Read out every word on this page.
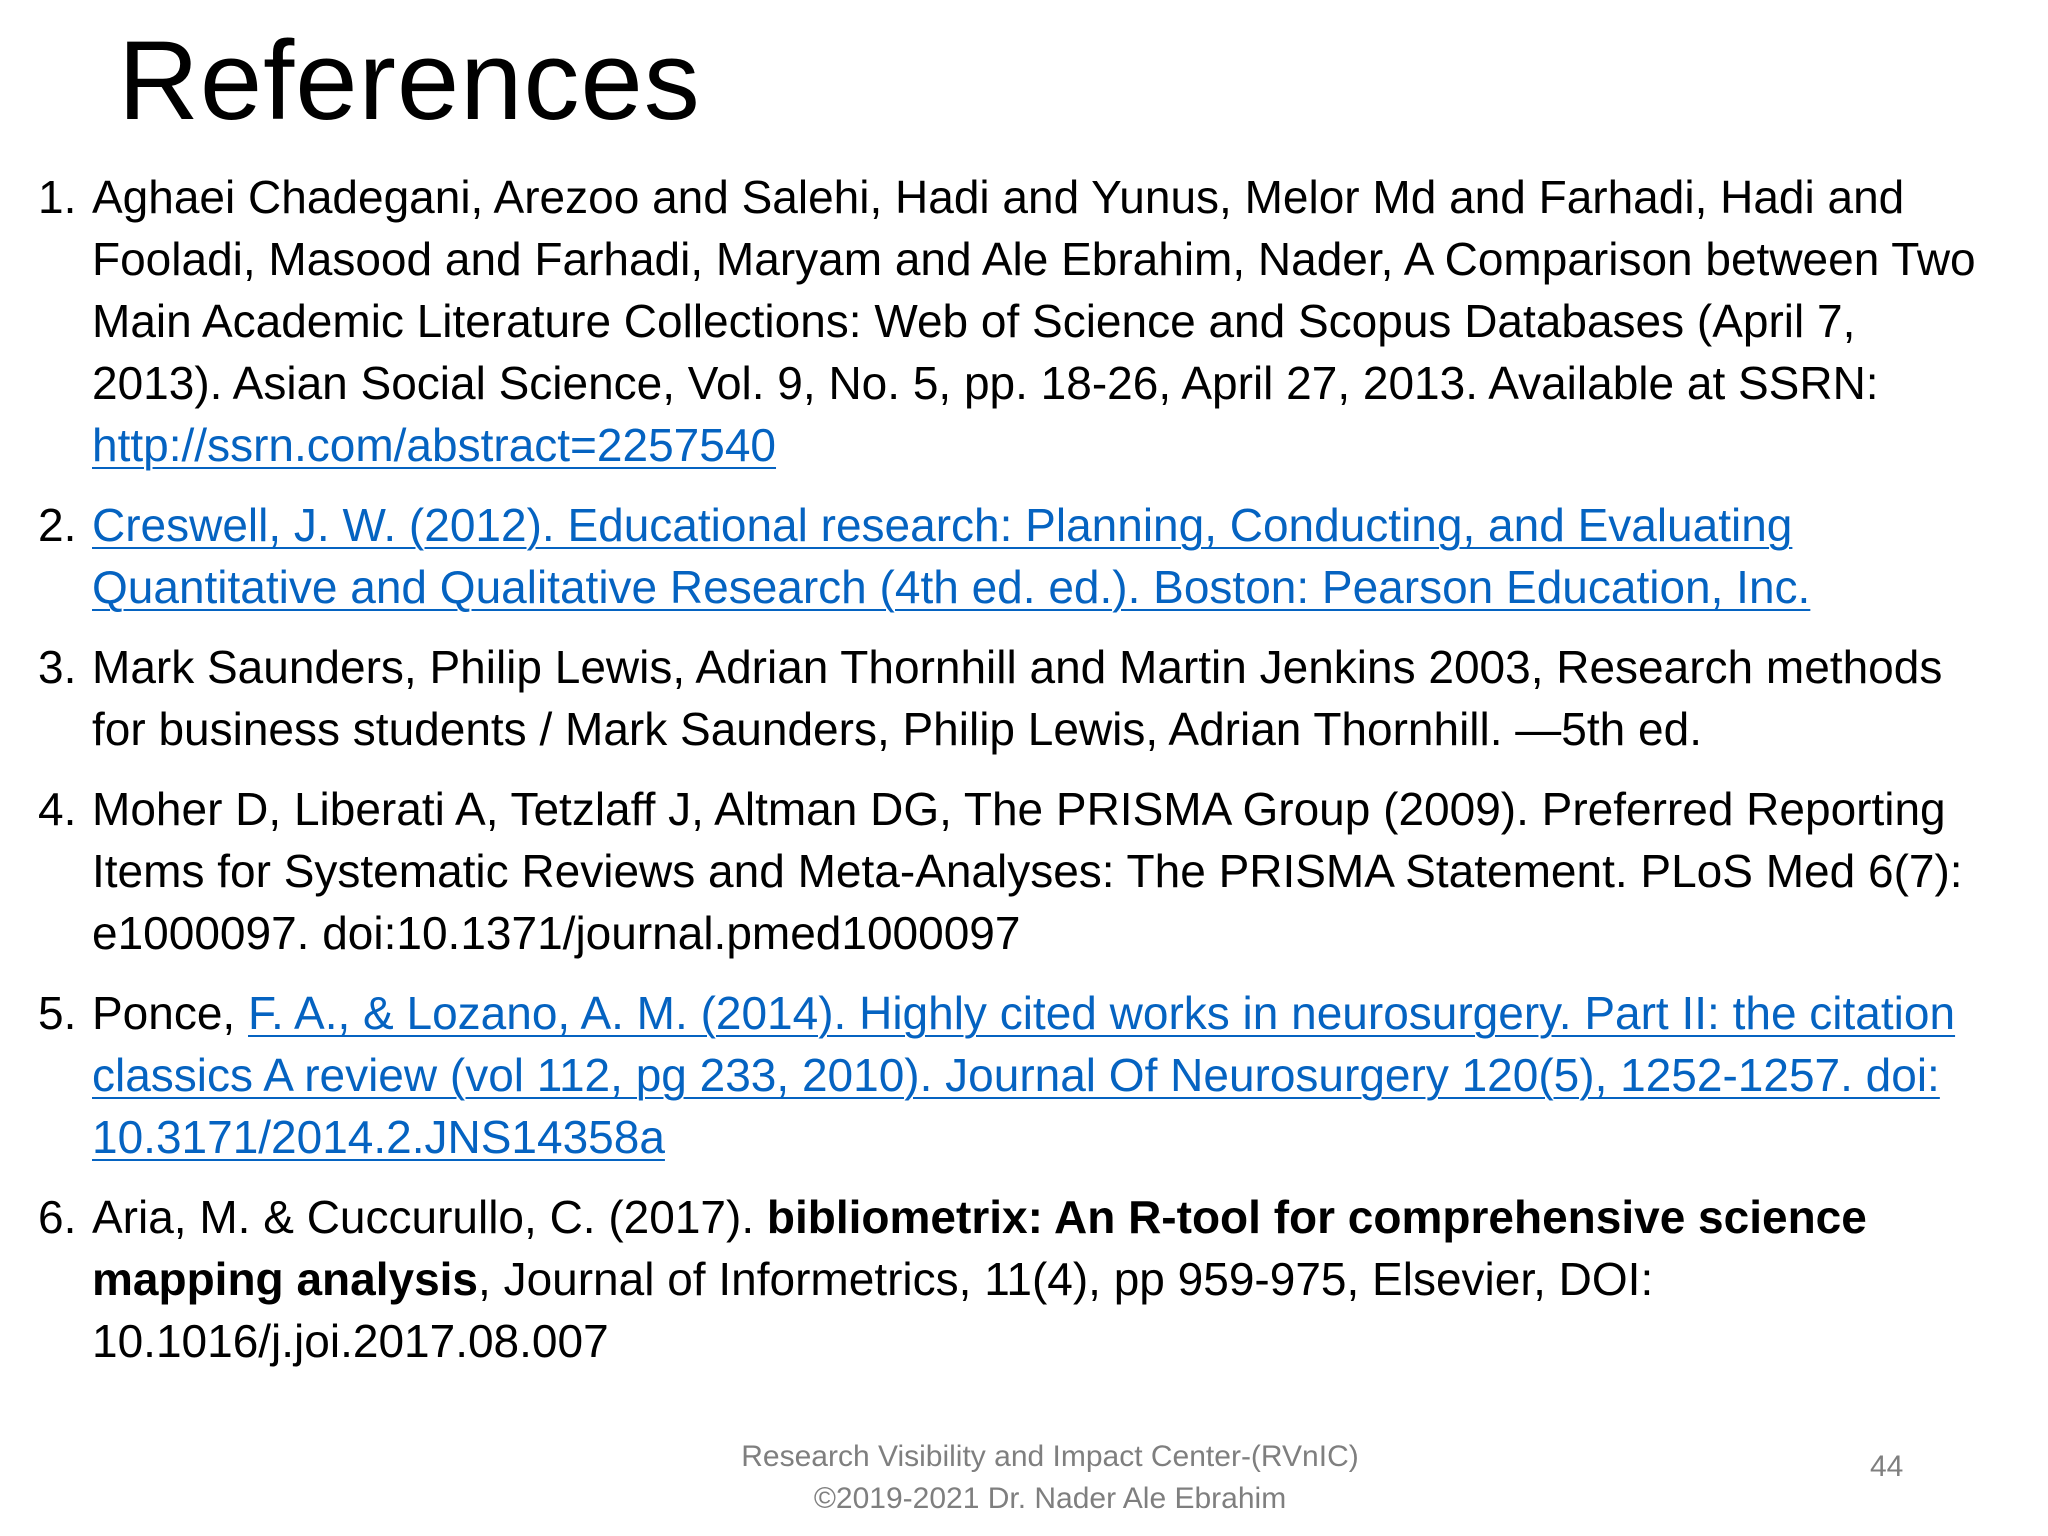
References
1. Aghaei Chadegani, Arezoo and Salehi, Hadi and Yunus, Melor Md and Farhadi, Hadi and Fooladi, Masood and Farhadi, Maryam and Ale Ebrahim, Nader, A Comparison between Two Main Academic Literature Collections: Web of Science and Scopus Databases (April 7, 2013). Asian Social Science, Vol. 9, No. 5, pp. 18-26, April 27, 2013. Available at SSRN: http://ssrn.com/abstract=2257540
2. Creswell, J. W. (2012). Educational research: Planning, Conducting, and Evaluating Quantitative and Qualitative Research (4th ed. ed.). Boston: Pearson Education, Inc.
3. Mark Saunders, Philip Lewis, Adrian Thornhill and Martin Jenkins 2003, Research methods for business students / Mark Saunders, Philip Lewis, Adrian Thornhill. —5th ed.
4. Moher D, Liberati A, Tetzlaff J, Altman DG, The PRISMA Group (2009). Preferred Reporting Items for Systematic Reviews and Meta-Analyses: The PRISMA Statement. PLoS Med 6(7): e1000097. doi:10.1371/journal.pmed1000097
5. Ponce, F. A., & Lozano, A. M. (2014). Highly cited works in neurosurgery. Part II: the citation classics A review (vol 112, pg 233, 2010). Journal Of Neurosurgery 120(5), 1252-1257. doi: 10.3171/2014.2.JNS14358a
6. Aria, M. & Cuccurullo, C. (2017). bibliometrix: An R-tool for comprehensive science mapping analysis, Journal of Informetrics, 11(4), pp 959-975, Elsevier, DOI: 10.1016/j.joi.2017.08.007
Research Visibility and Impact Center-(RVnIC)
©2019-2021 Dr. Nader Ale Ebrahim
44
